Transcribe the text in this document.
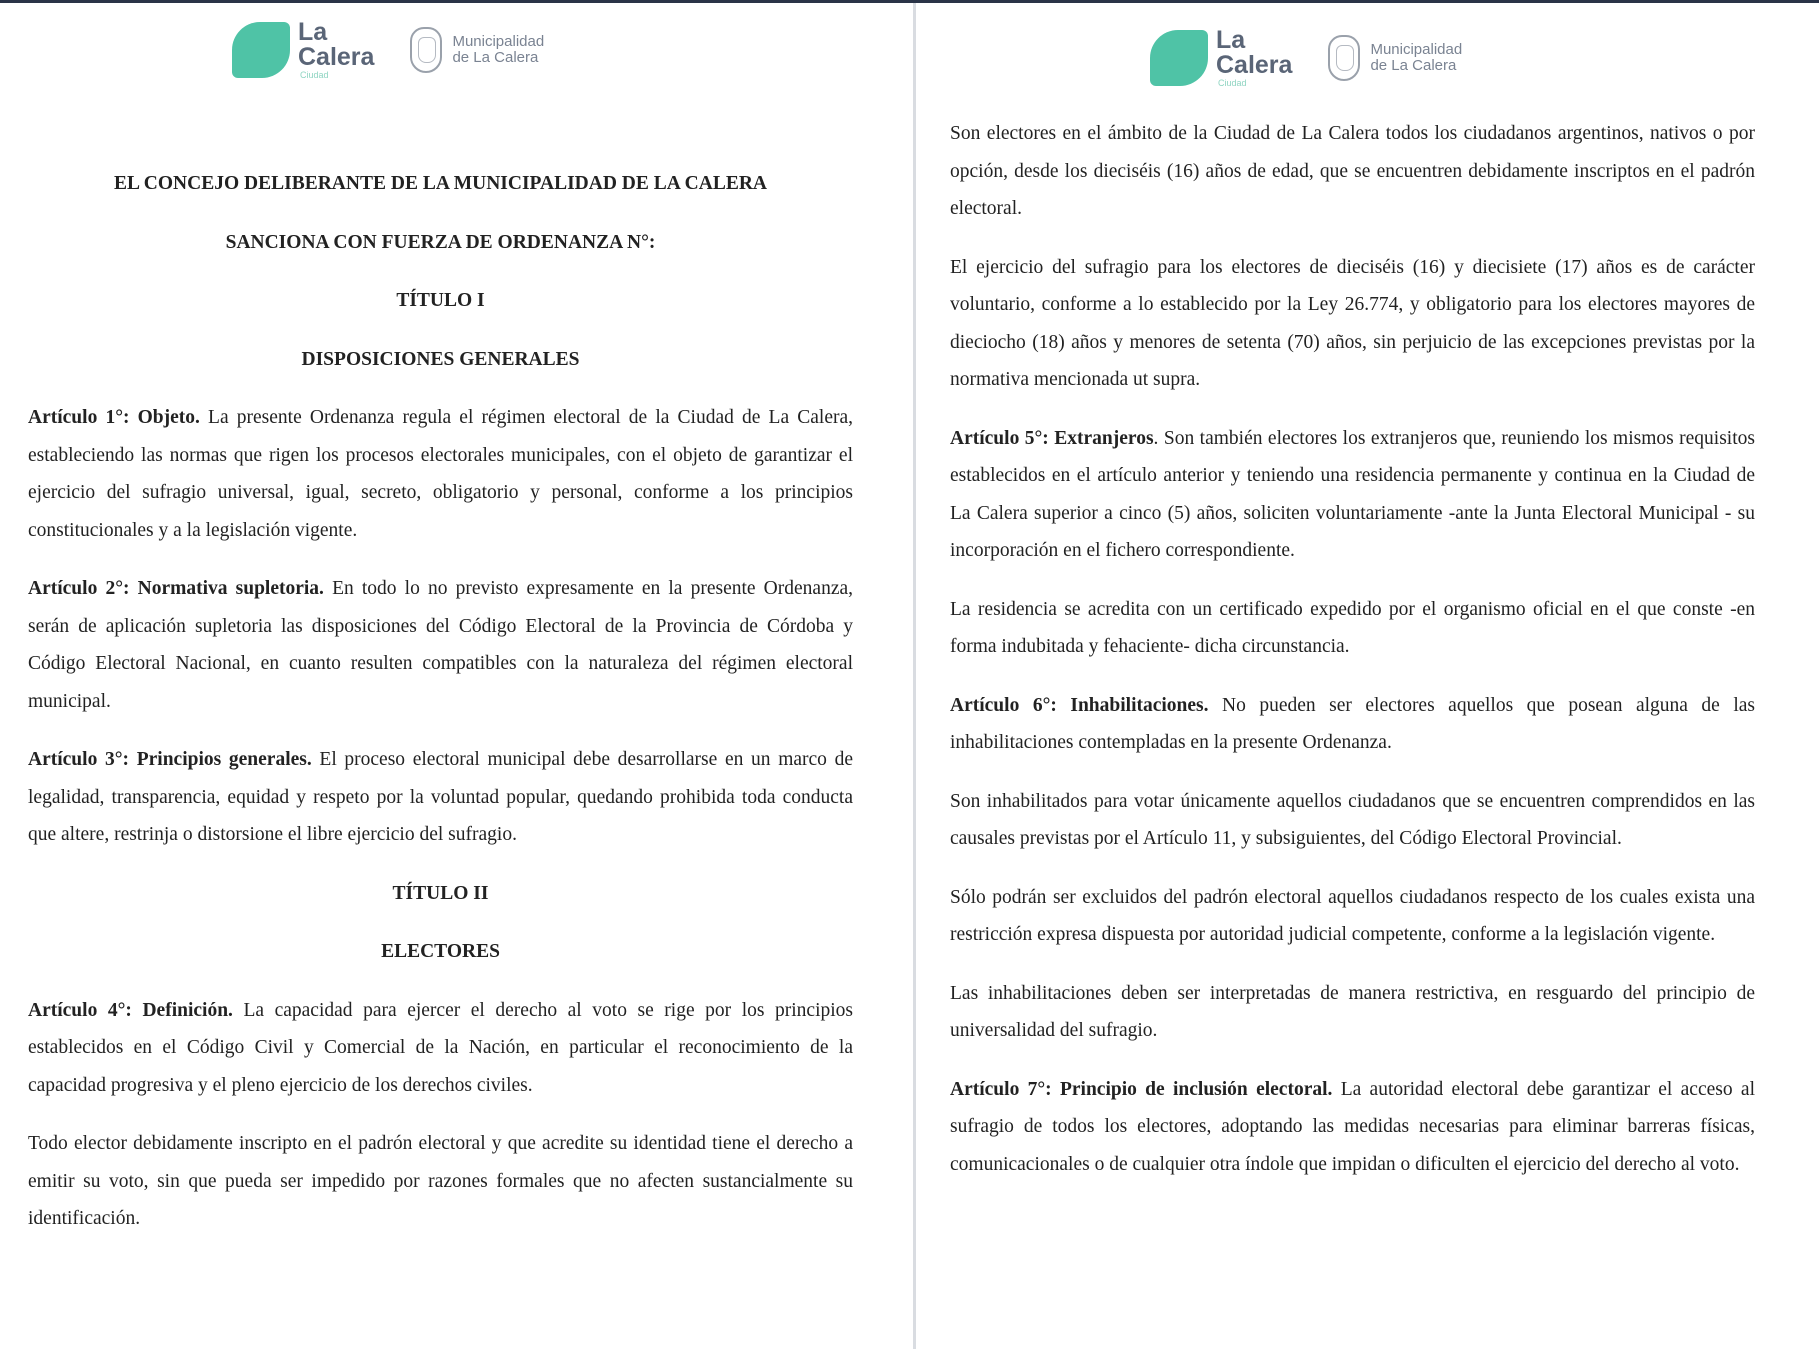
La
Calera
Ciudad
Municipalidad
de La Calera

EL CONCEJO DELIBERANTE DE LA MUNICIPALIDAD DE LA CALERA

SANCIONA CON FUERZA DE ORDENANZA N°:

TÍTULO I

DISPOSICIONES GENERALES

Artículo 1°: Objeto. La presente Ordenanza regula el régimen electoral de la Ciudad de La Calera, estableciendo las normas que rigen los procesos electorales municipales, con el objeto de garantizar el ejercicio del sufragio universal, igual, secreto, obligatorio y personal, conforme a los principios constitucionales y a la legislación vigente.

Artículo 2°: Normativa supletoria. En todo lo no previsto expresamente en la presente Ordenanza, serán de aplicación supletoria las disposiciones del Código Electoral de la Provincia de Córdoba y Código Electoral Nacional, en cuanto resulten compatibles con la naturaleza del régimen electoral municipal.

Artículo 3°: Principios generales. El proceso electoral municipal debe desarrollarse en un marco de legalidad, transparencia, equidad y respeto por la voluntad popular, quedando prohibida toda conducta que altere, restrinja o distorsione el libre ejercicio del sufragio.

TÍTULO II

ELECTORES

Artículo 4°: Definición. La capacidad para ejercer el derecho al voto se rige por los principios establecidos en el Código Civil y Comercial de la Nación, en particular el reconocimiento de la capacidad progresiva y el pleno ejercicio de los derechos civiles.

Todo elector debidamente inscripto en el padrón electoral y que acredite su identidad tiene el derecho a emitir su voto, sin que pueda ser impedido por razones formales que no afecten sustancialmente su identificación.

La
Calera
Ciudad
Municipalidad
de La Calera

Son electores en el ámbito de la Ciudad de La Calera todos los ciudadanos argentinos, nativos o por opción, desde los dieciséis (16) años de edad, que se encuentren debidamente inscriptos en el padrón electoral.

El ejercicio del sufragio para los electores de dieciséis (16) y diecisiete (17) años es de carácter voluntario, conforme a lo establecido por la Ley 26.774, y obligatorio para los electores mayores de dieciocho (18) años y menores de setenta (70) años, sin perjuicio de las excepciones previstas por la normativa mencionada ut supra.

Artículo 5°: Extranjeros. Son también electores los extranjeros que, reuniendo los mismos requisitos establecidos en el artículo anterior y teniendo una residencia permanente y continua en la Ciudad de La Calera superior a cinco (5) años, soliciten voluntariamente -ante la Junta Electoral Municipal - su incorporación en el fichero correspondiente.

La residencia se acredita con un certificado expedido por el organismo oficial en el que conste -en forma indubitada y fehaciente- dicha circunstancia.

Artículo 6°: Inhabilitaciones. No pueden ser electores aquellos que posean alguna de las inhabilitaciones contempladas en la presente Ordenanza.

Son inhabilitados para votar únicamente aquellos ciudadanos que se encuentren comprendidos en las causales previstas por el Artículo 11, y subsiguientes, del Código Electoral Provincial.

Sólo podrán ser excluidos del padrón electoral aquellos ciudadanos respecto de los cuales exista una restricción expresa dispuesta por autoridad judicial competente, conforme a la legislación vigente.

Las inhabilitaciones deben ser interpretadas de manera restrictiva, en resguardo del principio de universalidad del sufragio.

Artículo 7°: Principio de inclusión electoral. La autoridad electoral debe garantizar el acceso al sufragio de todos los electores, adoptando las medidas necesarias para eliminar barreras físicas, comunicacionales o de cualquier otra índole que impidan o dificulten el ejercicio del derecho al voto.
